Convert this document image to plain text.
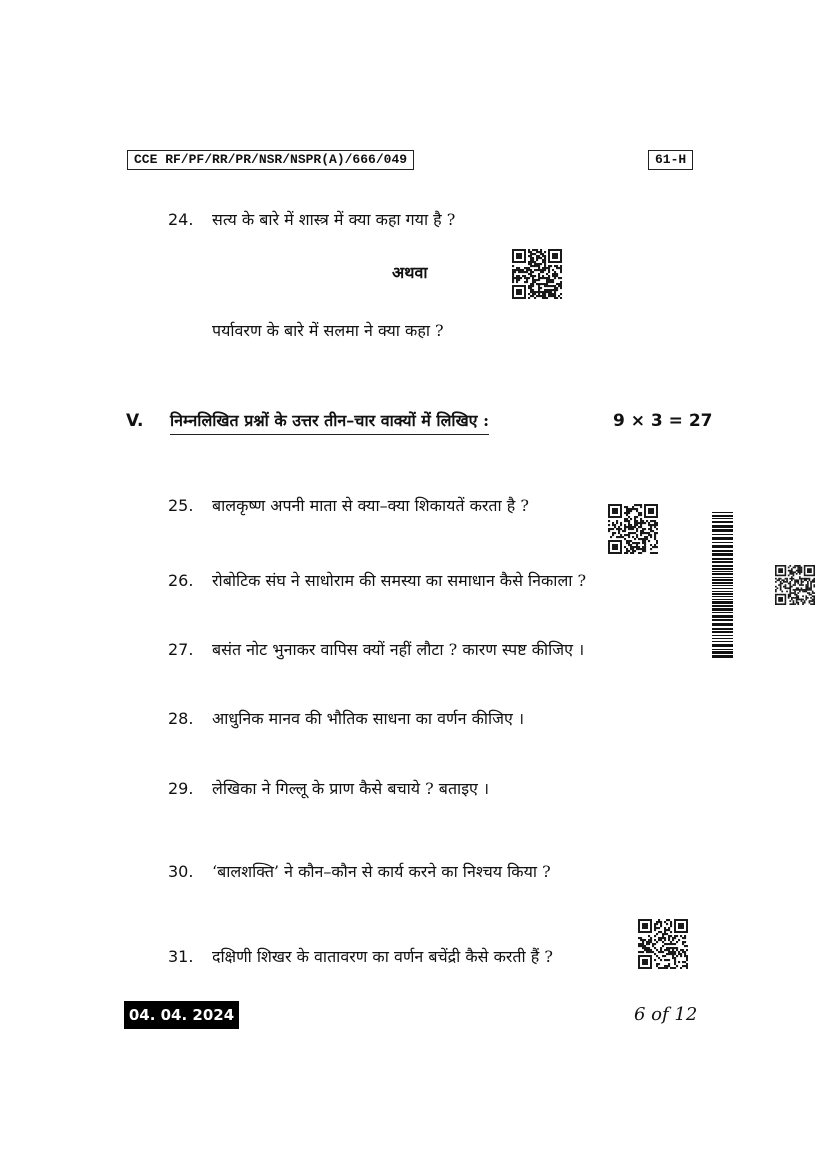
CCE RF/PF/RR/PR/NSR/NSPR(A)/666/049	61-H
24. सत्य के बारे में शास्त्र में क्या कहा गया है ?
अथवा
पर्यावरण के बारे में सलमा ने क्या कहा ?
V. निम्नलिखित प्रश्नों के उत्तर तीन–चार वाक्यों में लिखिए :	9 × 3 = 27
25. बालकृष्ण अपनी माता से क्या–क्या शिकायतें करता है ?
26. रोबोटिक संघ ने साधोराम की समस्या का समाधान कैसे निकाला ?
27. बसंत नोट भुनाकर वापिस क्यों नहीं लौटा ? कारण स्पष्ट कीजिए ।
28. आधुनिक मानव की भौतिक साधना का वर्णन कीजिए ।
29. लेखिका ने गिल्लू के प्राण कैसे बचाये ? बताइए ।
30. ‘बालशक्ति’ ने कौन–कौन से कार्य करने का निश्चय किया ?
31. दक्षिणी शिखर के वातावरण का वर्णन बचेंद्री कैसे करती हैं ?
04. 04. 2024	6 of 12
